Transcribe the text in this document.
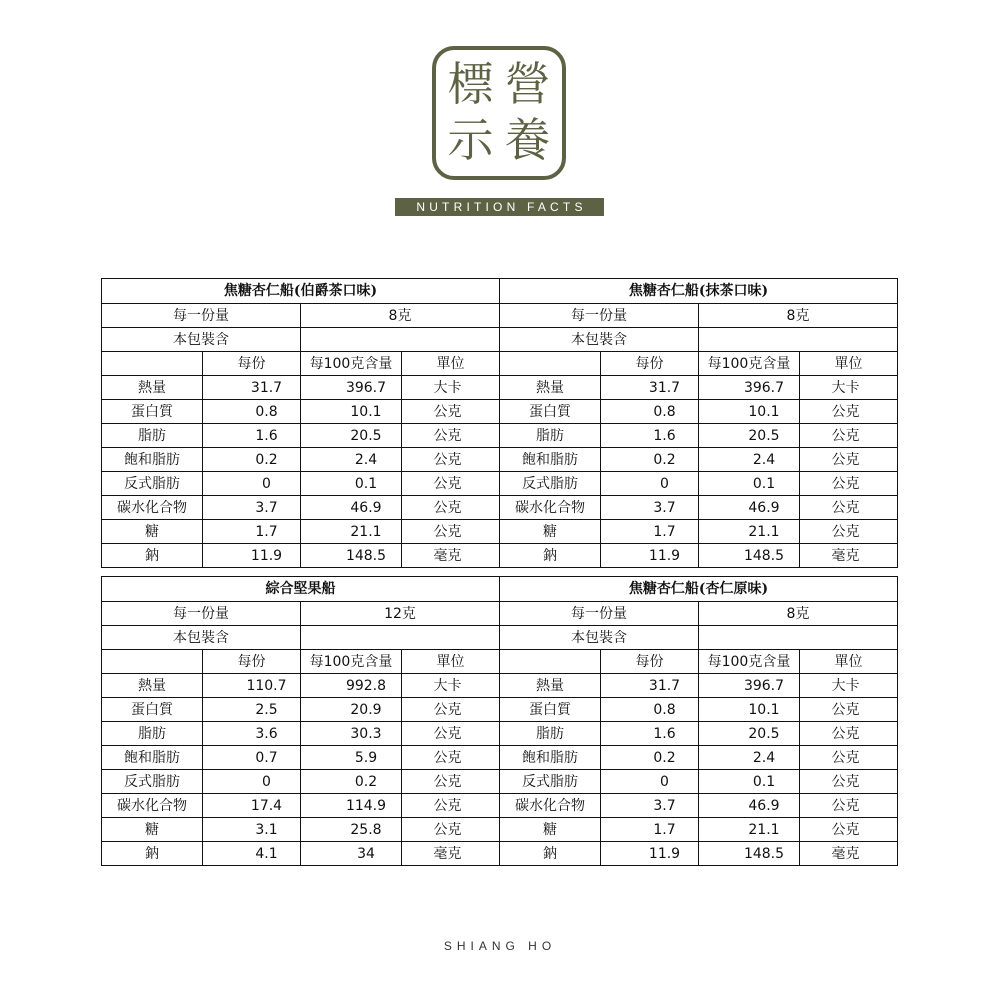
標 營
示 養
NUTRITION FACTS
焦糖杏仁船(伯爵茶口味)			
每一份量		8克	
本包裝含			
	每份	每100克含量	單位
熱量	31.7	396.7	大卡
蛋白質	0.8	10.1	公克
脂肪	1.6	20.5	公克
飽和脂肪	0.2	2.4	公克
反式脂肪	0	0.1	公克
碳水化合物	3.7	46.9	公克
糖	1.7	21.1	公克
鈉	11.9	148.5	毫克
焦糖杏仁船(抹茶口味)			
每一份量		8克	
本包裝含			
	每份	每100克含量	單位
熱量	31.7	396.7	大卡
蛋白質	0.8	10.1	公克
脂肪	1.6	20.5	公克
飽和脂肪	0.2	2.4	公克
反式脂肪	0	0.1	公克
碳水化合物	3.7	46.9	公克
糖	1.7	21.1	公克
鈉	11.9	148.5	毫克
綜合堅果船			
每一份量		12克	
本包裝含			
	每份	每100克含量	單位
熱量	110.7	992.8	大卡
蛋白質	2.5	20.9	公克
脂肪	3.6	30.3	公克
飽和脂肪	0.7	5.9	公克
反式脂肪	0	0.2	公克
碳水化合物	17.4	114.9	公克
糖	3.1	25.8	公克
鈉	4.1	34	毫克
焦糖杏仁船(杏仁原味)			
每一份量		8克	
本包裝含			
	每份	每100克含量	單位
熱量	31.7	396.7	大卡
蛋白質	0.8	10.1	公克
脂肪	1.6	20.5	公克
飽和脂肪	0.2	2.4	公克
反式脂肪	0	0.1	公克
碳水化合物	3.7	46.9	公克
糖	1.7	21.1	公克
鈉	11.9	148.5	毫克
SHIANG HO
